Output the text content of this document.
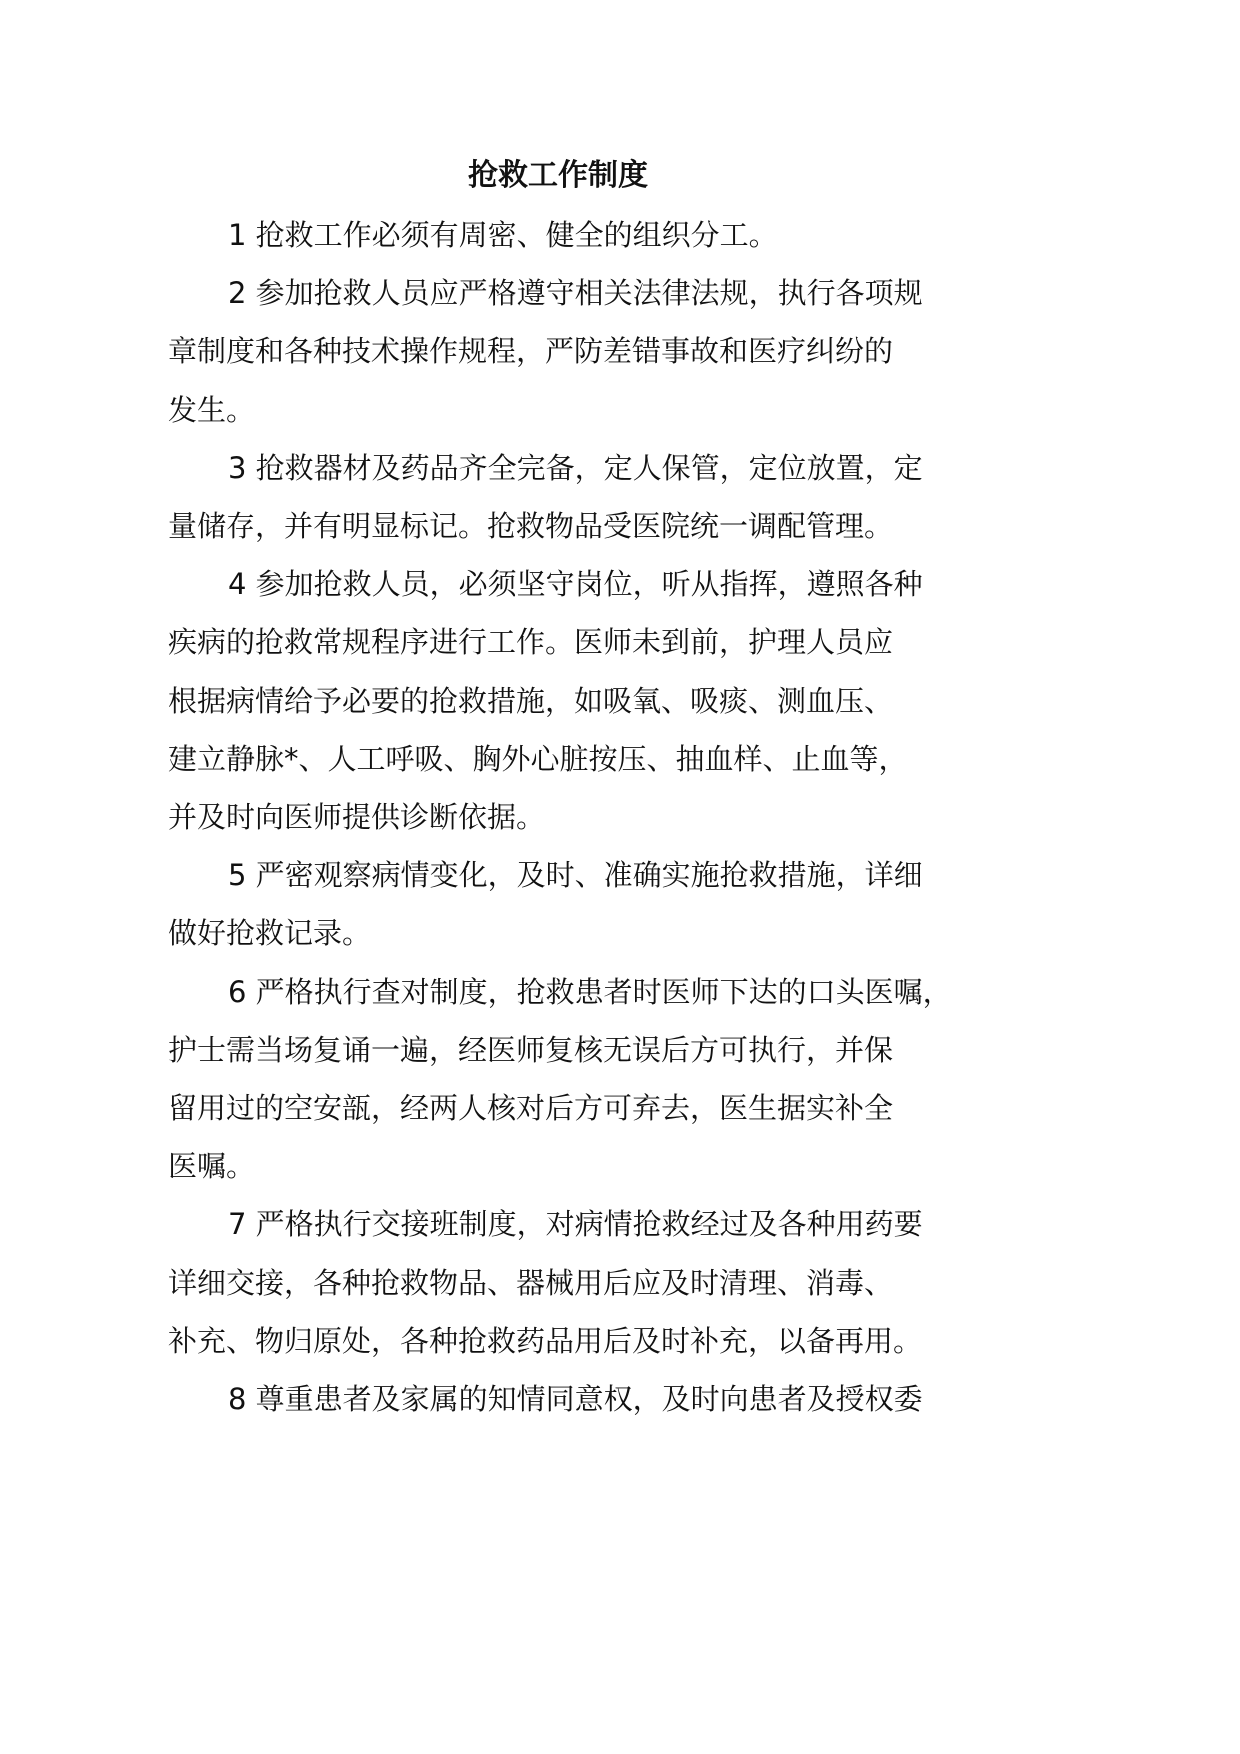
抢救工作制度

1 抢救工作必须有周密、健全的组织分工。

2 参加抢救人员应严格遵守相关法律法规，执行各项规
章制度和各种技术操作规程，严防差错事故和医疗纠纷的
发生。

3 抢救器材及药品齐全完备，定人保管，定位放置，定
量储存，并有明显标记。抢救物品受医院统一调配管理。

4 参加抢救人员，必须坚守岗位，听从指挥，遵照各种
疾病的抢救常规程序进行工作。医师未到前，护理人员应
根据病情给予必要的抢救措施，如吸氧、吸痰、测血压、
建立静脉*、人工呼吸、胸外心脏按压、抽血样、止血等，
并及时向医师提供诊断依据。

5 严密观察病情变化，及时、准确实施抢救措施，详细
做好抢救记录。

6 严格执行查对制度，抢救患者时医师下达的口头医嘱，
护士需当场复诵一遍，经医师复核无误后方可执行，并保
留用过的空安瓿，经两人核对后方可弃去，医生据实补全
医嘱。

7 严格执行交接班制度，对病情抢救经过及各种用药要
详细交接，各种抢救物品、器械用后应及时清理、消毒、
补充、物归原处，各种抢救药品用后及时补充，以备再用。

8 尊重患者及家属的知情同意权，及时向患者及授权委
